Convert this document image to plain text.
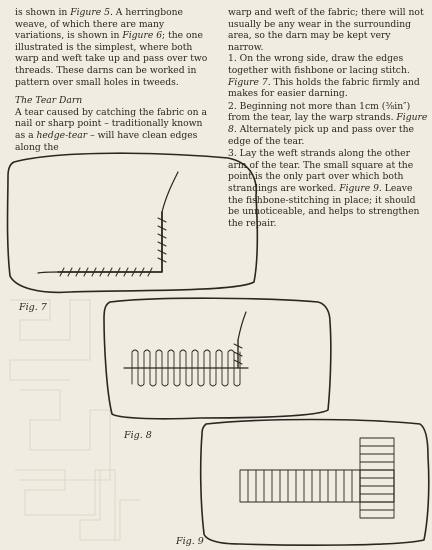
is shown in Figure 5. A herringbone weave, of which there are many variations, is shown in Figure 6; the one illustrated is the simplest, where both warp and weft take up and pass over two threads. These darns can be worked in pattern over small holes in tweeds.

The Tear Darn

A tear caused by catching the fabric on a nail or sharp point – traditionally known as a hedge-tear – will have clean edges along the

warp and weft of the fabric; there will not usually be any wear in the surrounding area, so the darn may be kept very narrow.

1. On the wrong side, draw the edges together with fishbone or lacing stitch. Figure 7. This holds the fabric firmly and makes for easier darning.

2. Beginning not more than 1cm (⅜in″) from the tear, lay the warp strands. Figure 8. Alternately pick up and pass over the edge of the tear.

3. Lay the weft strands along the other arm of the tear. The small square at the point is the only part over which both strandings are worked. Figure 9. Leave the fishbone-stitching in place; it should be unnoticeable, and helps to strengthen the repair.

Fig. 7
Fig. 8
Fig. 9
